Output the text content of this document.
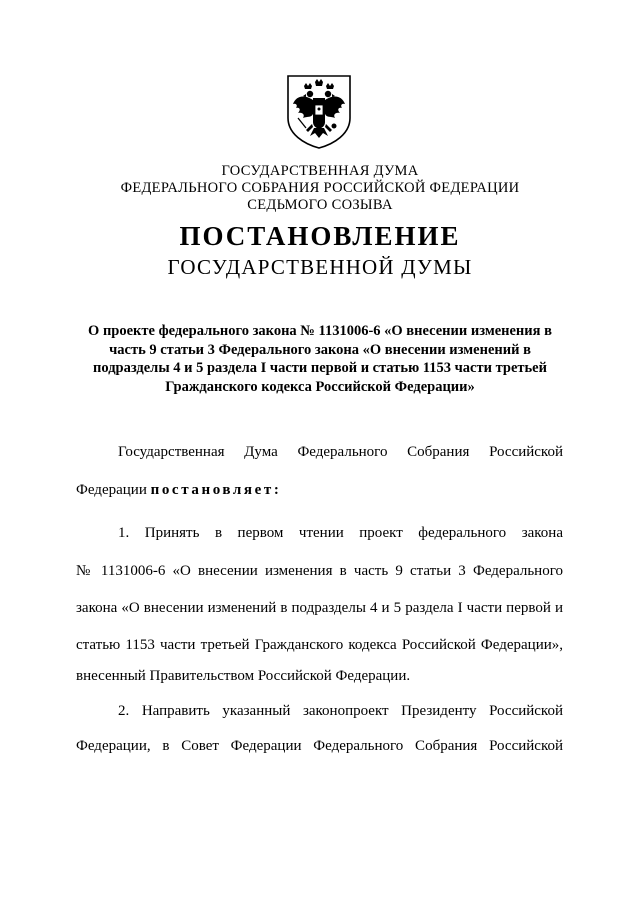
ГОСУДАРСТВЕННАЯ ДУМА
ФЕДЕРАЛЬНОГО СОБРАНИЯ РОССИЙСКОЙ ФЕДЕРАЦИИ
СЕДЬМОГО СОЗЫВА
ПОСТАНОВЛЕНИЕ
ГОСУДАРСТВЕННОЙ ДУМЫ
О проекте федерального закона № 1131006-6 «О внесении изменения в
часть 9 статьи 3 Федерального закона «О внесении изменений в
подразделы 4 и 5 раздела I части первой и статью 1153 части третьей
Гражданского кодекса Российской Федерации»
Государственная Дума Федерального Собрания Российской
Федерации постановляет:
1. Принять в первом чтении проект федерального закона
№ 1131006-6 «О внесении изменения в часть 9 статьи 3 Федерального
закона «О внесении изменений в подразделы 4 и 5 раздела I части первой и
статью 1153 части третьей Гражданского кодекса Российской Федерации»,
внесенный Правительством Российской Федерации.
2. Направить указанный законопроект Президенту Российской
Федерации, в Совет Федерации Федерального Собрания Российской
